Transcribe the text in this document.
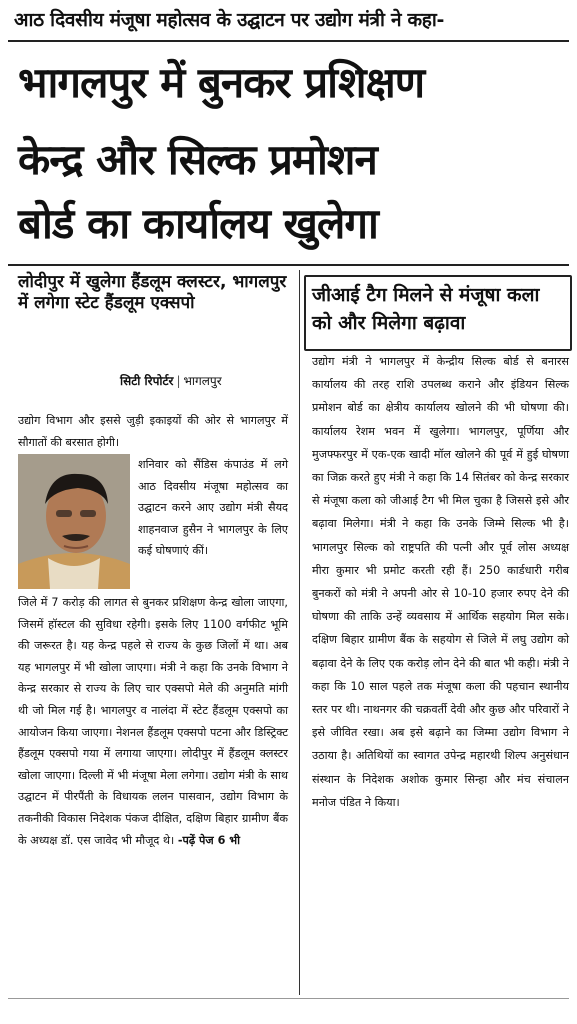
आठ दिवसीय मंजूषा महोत्सव के उद्घाटन पर उद्योग मंत्री ने कहा-
भागलपुर में बुनकर प्रशिक्षण
केन्द्र और सिल्क प्रमोशन
बोर्ड का कार्यालय खुलेगा
लोदीपुर में खुलेगा हैंडलूम क्लस्टर, भागलपुर में लगेगा स्टेट हैंडलूम एक्सपो	जीआई टैग मिलने से मंजूषा कला को और मिलेगा बढ़ावा
सिटी रिपोर्टर | भागलपुर
उद्योग विभाग और इससे जुड़ी इकाइयों की ओर से भागलपुर में सौगातों की बरसात होगी।
शनिवार को सैंडिस कंपाउंड में लगे आठ दिवसीय मंजूषा महोत्सव का उद्घाटन करने आए उद्योग मंत्री सैयद शाहनवाज हुसैन ने भागलपुर के लिए कई घोषणाएं कीं।
जिले में 7 करोड़ की लागत से बुनकर प्रशिक्षण केन्द्र खोला जाएगा, जिसमें हॉस्टल की सुविधा रहेगी। इसके लिए 1100 वर्गफीट भूमि की जरूरत है। यह केन्द्र पहले से राज्य के कुछ जिलों में था। अब यह भागलपुर में भी खोला जाएगा। मंत्री ने कहा कि उनके विभाग ने केन्द्र सरकार से राज्य के लिए चार एक्सपो मेले की अनुमति मांगी थी जो मिल गई है। भागलपुर व नालंदा में स्टेट हैंडलूम एक्सपो का आयोजन किया जाएगा। नेशनल हैंडलूम एक्सपो पटना और डिस्ट्रिक्ट हैंडलूम एक्सपो गया में लगाया जाएगा। लोदीपुर में हैंडलूम क्लस्टर खोला जाएगा। दिल्ली में भी मंजूषा मेला लगेगा। उद्योग मंत्री के साथ उद्घाटन में पीरपैंती के विधायक ललन पासवान, उद्योग विभाग के तकनीकी विकास निदेशक पंकज दीक्षित, दक्षिण बिहार ग्रामीण बैंक के अध्यक्ष डॉ. एस जावेद भी मौजूद थे। -पढ़ें पेज 6 भी
उद्योग मंत्री ने भागलपुर में केन्द्रीय सिल्क बोर्ड से बनारस कार्यालय की तरह राशि उपलब्ध कराने और इंडियन सिल्क प्रमोशन बोर्ड का क्षेत्रीय कार्यालय खोलने की भी घोषणा की। कार्यालय रेशम भवन में खुलेगा। भागलपुर, पूर्णिया और मुजफ्फरपुर में एक-एक खादी मॉल खोलने की पूर्व में हुई घोषणा का जिक्र करते हुए मंत्री ने कहा कि 14 सितंबर को केन्द्र सरकार से मंजूषा कला को जीआई टैग भी मिल चुका है जिससे इसे और बढ़ावा मिलेगा। मंत्री ने कहा कि उनके जिम्मे सिल्क भी है। भागलपुर सिल्क को राष्ट्रपति की पत्नी और पूर्व लोस अध्यक्ष मीरा कुमार भी प्रमोट करती रही हैं। 250 कार्डधारी गरीब बुनकरों को मंत्री ने अपनी ओर से 10-10 हजार रुपए देने की घोषणा की ताकि उन्हें व्यवसाय में आर्थिक सहयोग मिल सके। दक्षिण बिहार ग्रामीण बैंक के सहयोग से जिले में लघु उद्योग को बढ़ावा देने के लिए एक करोड़ लोन देने की बात भी कही। मंत्री ने कहा कि 10 साल पहले तक मंजूषा कला की पहचान स्थानीय स्तर पर थी। नाथनगर की चक्रवर्ती देवी और कुछ और परिवारों ने इसे जीवित रखा। अब इसे बढ़ाने का जिम्मा उद्योग विभाग ने उठाया है। अतिथियों का स्वागत उपेन्द्र महारथी शिल्प अनुसंधान संस्थान के निदेशक अशोक कुमार सिन्हा और मंच संचालन मनोज पंडित ने किया।
